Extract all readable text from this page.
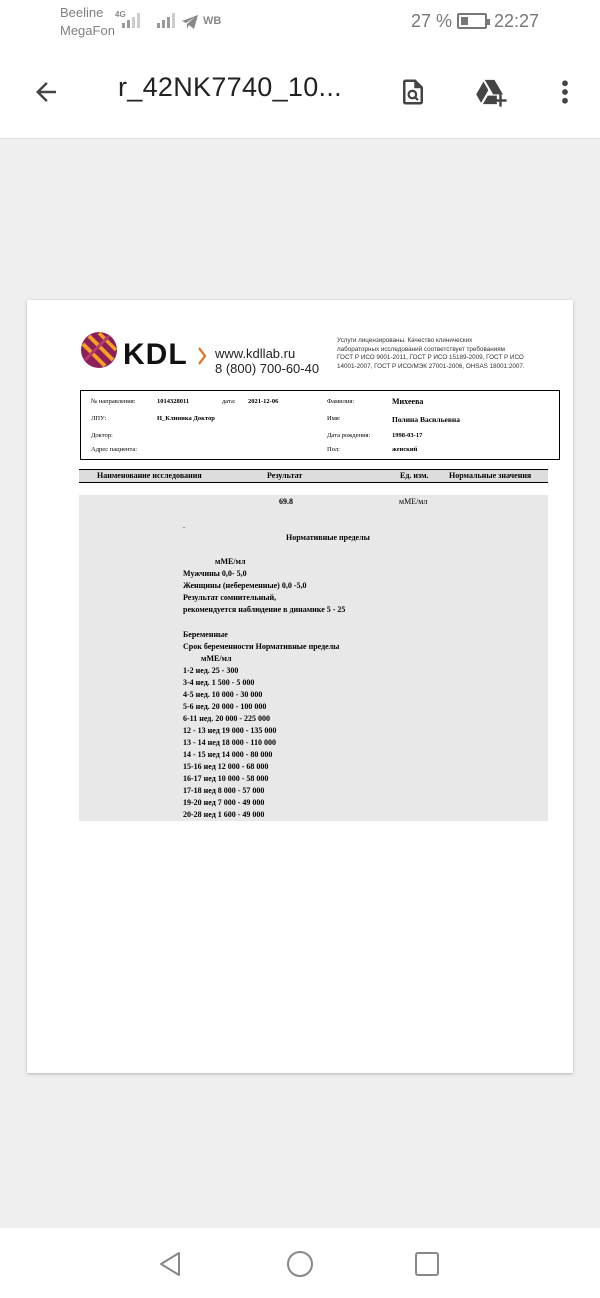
Beeline
MegaFon
4G
WB	27 %	22:27
r_42NK7740_10...
KDL www.kdllab.ru
8 (800) 700-60-40
Услуги лицензированы. Качество клинических
лабораторных исследований соответствует требованиям
ГОСТ Р ИСО 9001-2011, ГОСТ Р ИСО 15189-2009, ГОСТ Р ИСО
14001-2007, ГОСТ Р ИСО/МЭК 27001-2006, OHSAS 18001:2007.
№ направления:	1014328011	дата: 2021-12-06
ЛПУ:	Н_Клиника Доктор
Доктор:
Адрес пациента:
Фамилия:	Михеева
Имя:	Полина Васильевна
Дата рождения:	1998-03-17
Пол:	женский
Наименование исследования	Результат	Ед. изм.	Нормальные значения
69.8	мМЕ/мл
.
Нормативные пределы
мМЕ/мл
Мужчины 0,0- 5,0
Женщины (небеременные) 0,0 -5,0
Результат сомнительный,
рекомендуется наблюдение в динамике 5 - 25
Беременные
Срок беременности Нормативные пределы
мМЕ/мл
1-2 нед. 25 - 300
3-4 нед. 1 500 - 5 000
4-5 нед. 10 000 - 30 000
5-6 нед. 20 000 - 100 000
6-11 нед. 20 000 - 225 000
12 - 13 нед 19 000 - 135 000
13 - 14 нед 18 000 - 110 000
14 - 15 нед 14 000 - 80 000
15-16 нед 12 000 - 68 000
16-17 нед 10 000 - 58 000
17-18 нед 8 000 - 57 000
19-20 нед 7 000 - 49 000
20-28 нед 1 600 - 49 000
